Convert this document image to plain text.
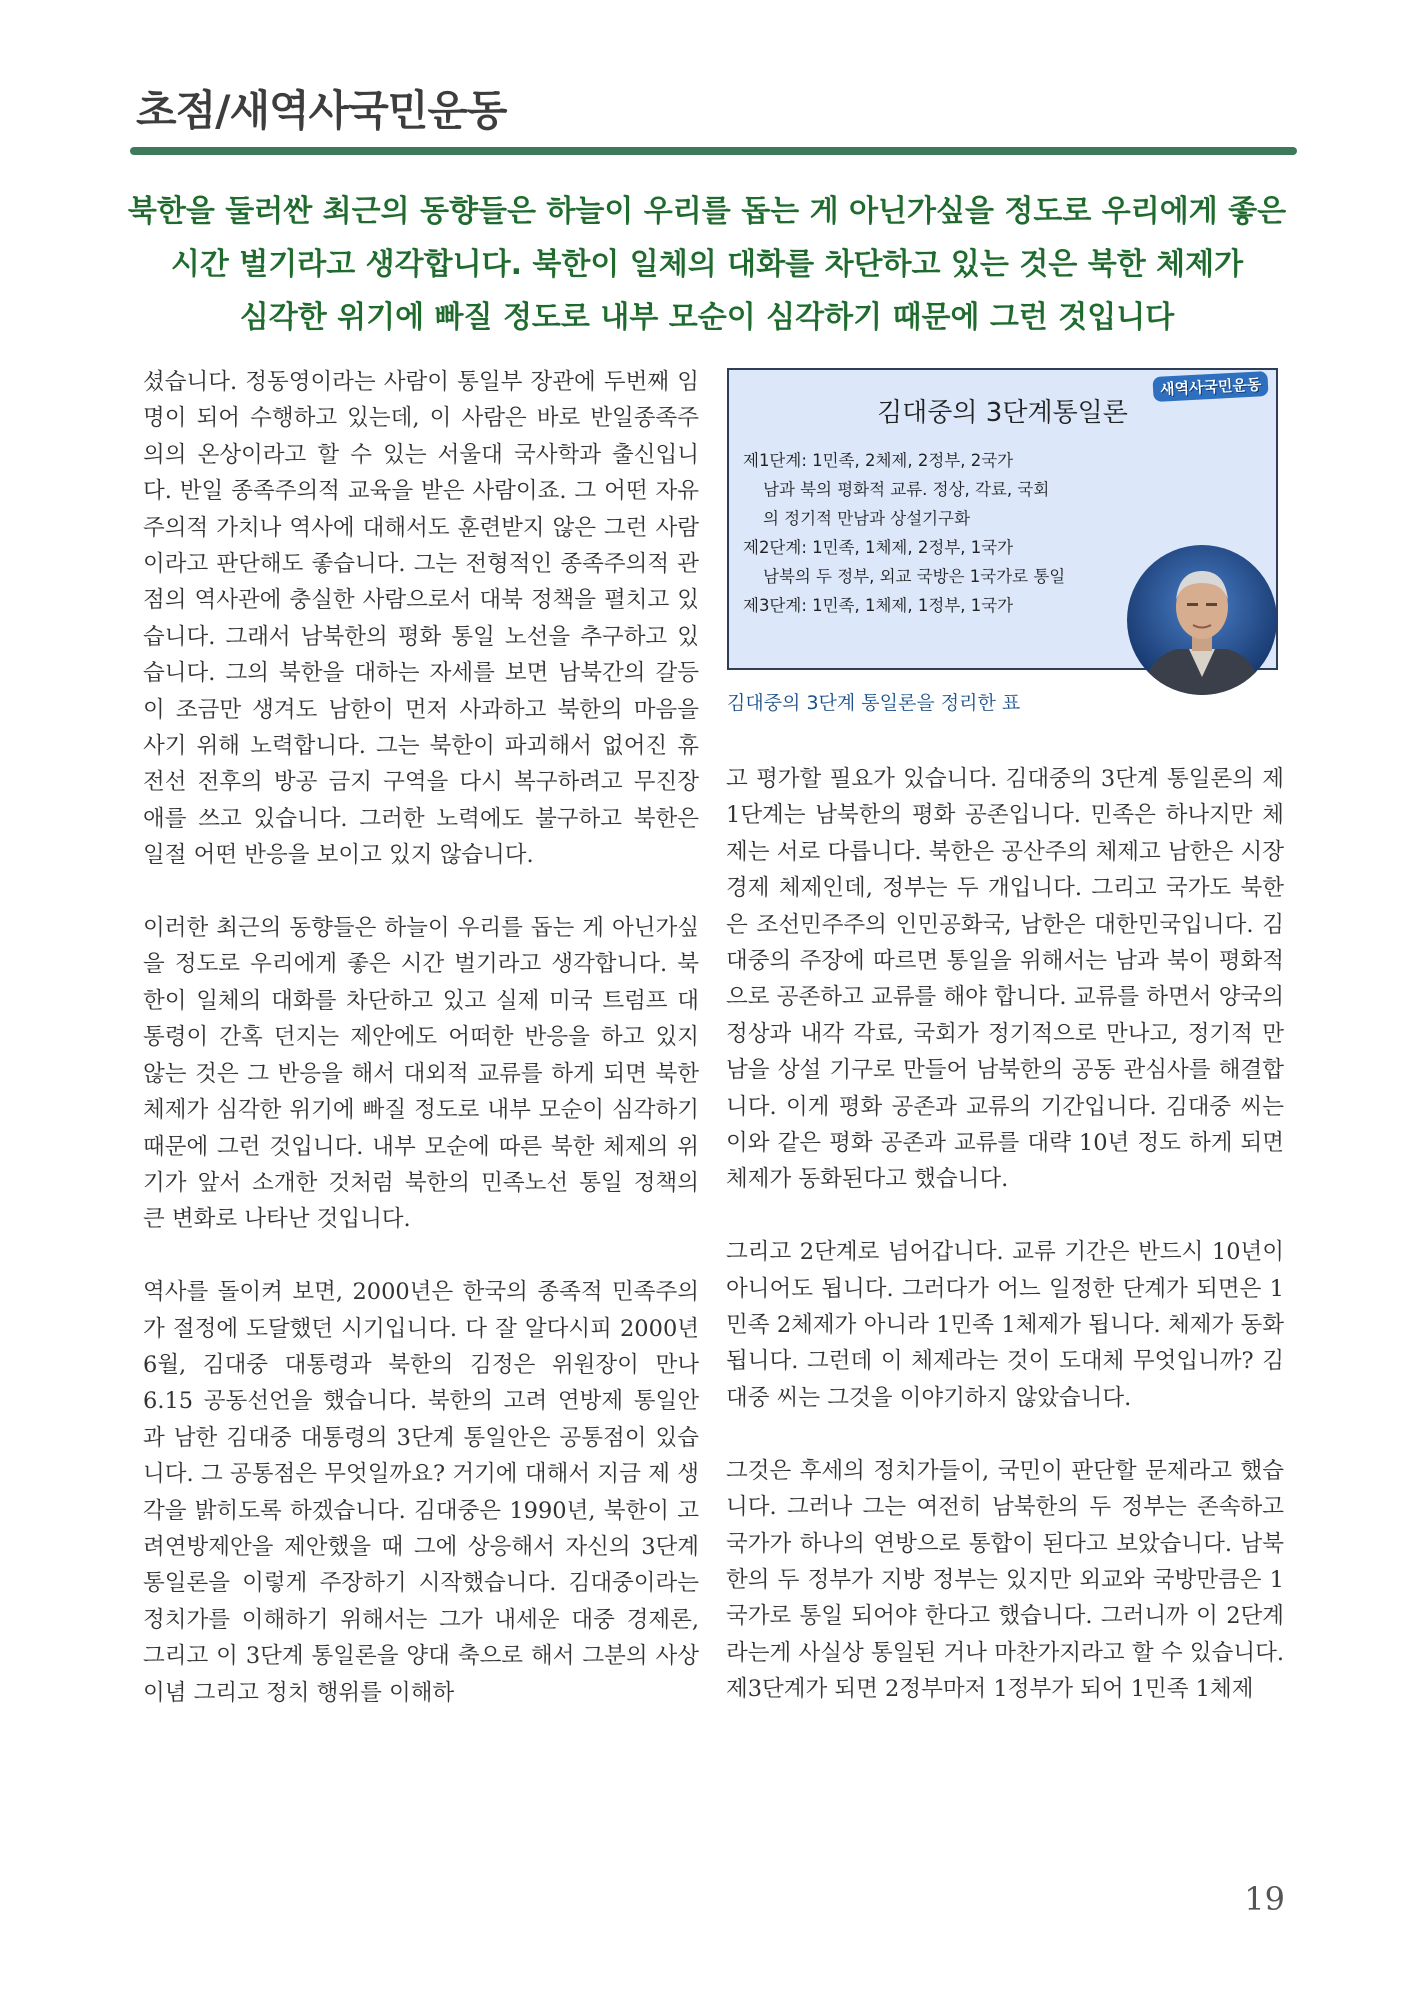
초점/새역사국민운동
북한을 둘러싼 최근의 동향들은 하늘이 우리를 돕는 게 아닌가싶을 정도로 우리에게 좋은
시간 벌기라고 생각합니다. 북한이 일체의 대화를 차단하고 있는 것은 북한 체제가
심각한 위기에 빠질 정도로 내부 모순이 심각하기 때문에 그런 것입니다

셨습니다. 정동영이라는 사람이 통일부 장관에 두번째 임명이 되어 수행하고 있는데, 이 사람은 바로 반일종족주의의 온상이라고 할 수 있는 서울대 국사학과 출신입니다. 반일 종족주의적 교육을 받은 사람이죠. 그 어떤 자유주의적 가치나 역사에 대해서도 훈련받지 않은 그런 사람이라고 판단해도 좋습니다. 그는 전형적인 종족주의적 관점의 역사관에 충실한 사람으로서 대북 정책을 펼치고 있습니다. 그래서 남북한의 평화 통일 노선을 추구하고 있습니다. 그의 북한을 대하는 자세를 보면 남북간의 갈등이 조금만 생겨도 남한이 먼저 사과하고 북한의 마음을 사기 위해 노력합니다. 그는 북한이 파괴해서 없어진 휴전선 전후의 방공 금지 구역을 다시 복구하려고 무진장 애를 쓰고 있습니다. 그러한 노력에도 불구하고 북한은 일절 어떤 반응을 보이고 있지 않습니다.

이러한 최근의 동향들은 하늘이 우리를 돕는 게 아닌가싶을 정도로 우리에게 좋은 시간 벌기라고 생각합니다. 북한이 일체의 대화를 차단하고 있고 실제 미국 트럼프 대통령이 간혹 던지는 제안에도 어떠한 반응을 하고 있지 않는 것은 그 반응을 해서 대외적 교류를 하게 되면 북한 체제가 심각한 위기에 빠질 정도로 내부 모순이 심각하기 때문에 그런 것입니다. 내부 모순에 따른 북한 체제의 위기가 앞서 소개한 것처럼 북한의 민족노선 통일 정책의 큰 변화로 나타난 것입니다.

역사를 돌이켜 보면, 2000년은 한국의 종족적 민족주의가 절정에 도달했던 시기입니다. 다 잘 알다시피 2000년 6월, 김대중 대통령과 북한의 김정은 위원장이 만나 6.15 공동선언을 했습니다. 북한의 고려 연방제 통일안과 남한 김대중 대통령의 3단계 통일안은 공통점이 있습니다. 그 공통점은 무엇일까요? 거기에 대해서 지금 제 생각을 밝히도록 하겠습니다. 김대중은 1990년, 북한이 고려연방제안을 제안했을 때 그에 상응해서 자신의 3단계 통일론을 이렇게 주장하기 시작했습니다. 김대중이라는 정치가를 이해하기 위해서는 그가 내세운 대중 경제론, 그리고 이 3단계 통일론을 양대 축으로 해서 그분의 사상 이념 그리고 정치 행위를 이해하

새역사국민운동
김대중의 3단계통일론
제1단계: 1민족, 2체제, 2정부, 2국가
남과 북의 평화적 교류. 정상, 각료, 국회
의 정기적 만남과 상설기구화
제2단계: 1민족, 1체제, 2정부, 1국가
남북의 두 정부, 외교 국방은 1국가로 통일
제3단계: 1민족, 1체제, 1정부, 1국가
김대중의 3단계 통일론을 정리한 표

고 평가할 필요가 있습니다. 김대중의 3단계 통일론의 제1단계는 남북한의 평화 공존입니다. 민족은 하나지만 체제는 서로 다릅니다. 북한은 공산주의 체제고 남한은 시장 경제 체제인데, 정부는 두 개입니다. 그리고 국가도 북한은 조선민주주의 인민공화국, 남한은 대한민국입니다. 김대중의 주장에 따르면 통일을 위해서는 남과 북이 평화적으로 공존하고 교류를 해야 합니다. 교류를 하면서 양국의 정상과 내각 각료, 국회가 정기적으로 만나고, 정기적 만남을 상설 기구로 만들어 남북한의 공동 관심사를 해결합니다. 이게 평화 공존과 교류의 기간입니다. 김대중 씨는 이와 같은 평화 공존과 교류를 대략 10년 정도 하게 되면 체제가 동화된다고 했습니다.

그리고 2단계로 넘어갑니다. 교류 기간은 반드시 10년이 아니어도 됩니다. 그러다가 어느 일정한 단계가 되면은 1민족 2체제가 아니라 1민족 1체제가 됩니다. 체제가 동화됩니다. 그런데 이 체제라는 것이 도대체 무엇입니까? 김대중 씨는 그것을 이야기하지 않았습니다.

그것은 후세의 정치가들이, 국민이 판단할 문제라고 했습니다. 그러나 그는 여전히 남북한의 두 정부는 존속하고 국가가 하나의 연방으로 통합이 된다고 보았습니다. 남북한의 두 정부가 지방 정부는 있지만 외교와 국방만큼은 1국가로 통일 되어야 한다고 했습니다. 그러니까 이 2단계라는게 사실상 통일된 거나 마찬가지라고 할 수 있습니다. 제3단계가 되면 2정부마저 1정부가 되어 1민족 1체제

19
